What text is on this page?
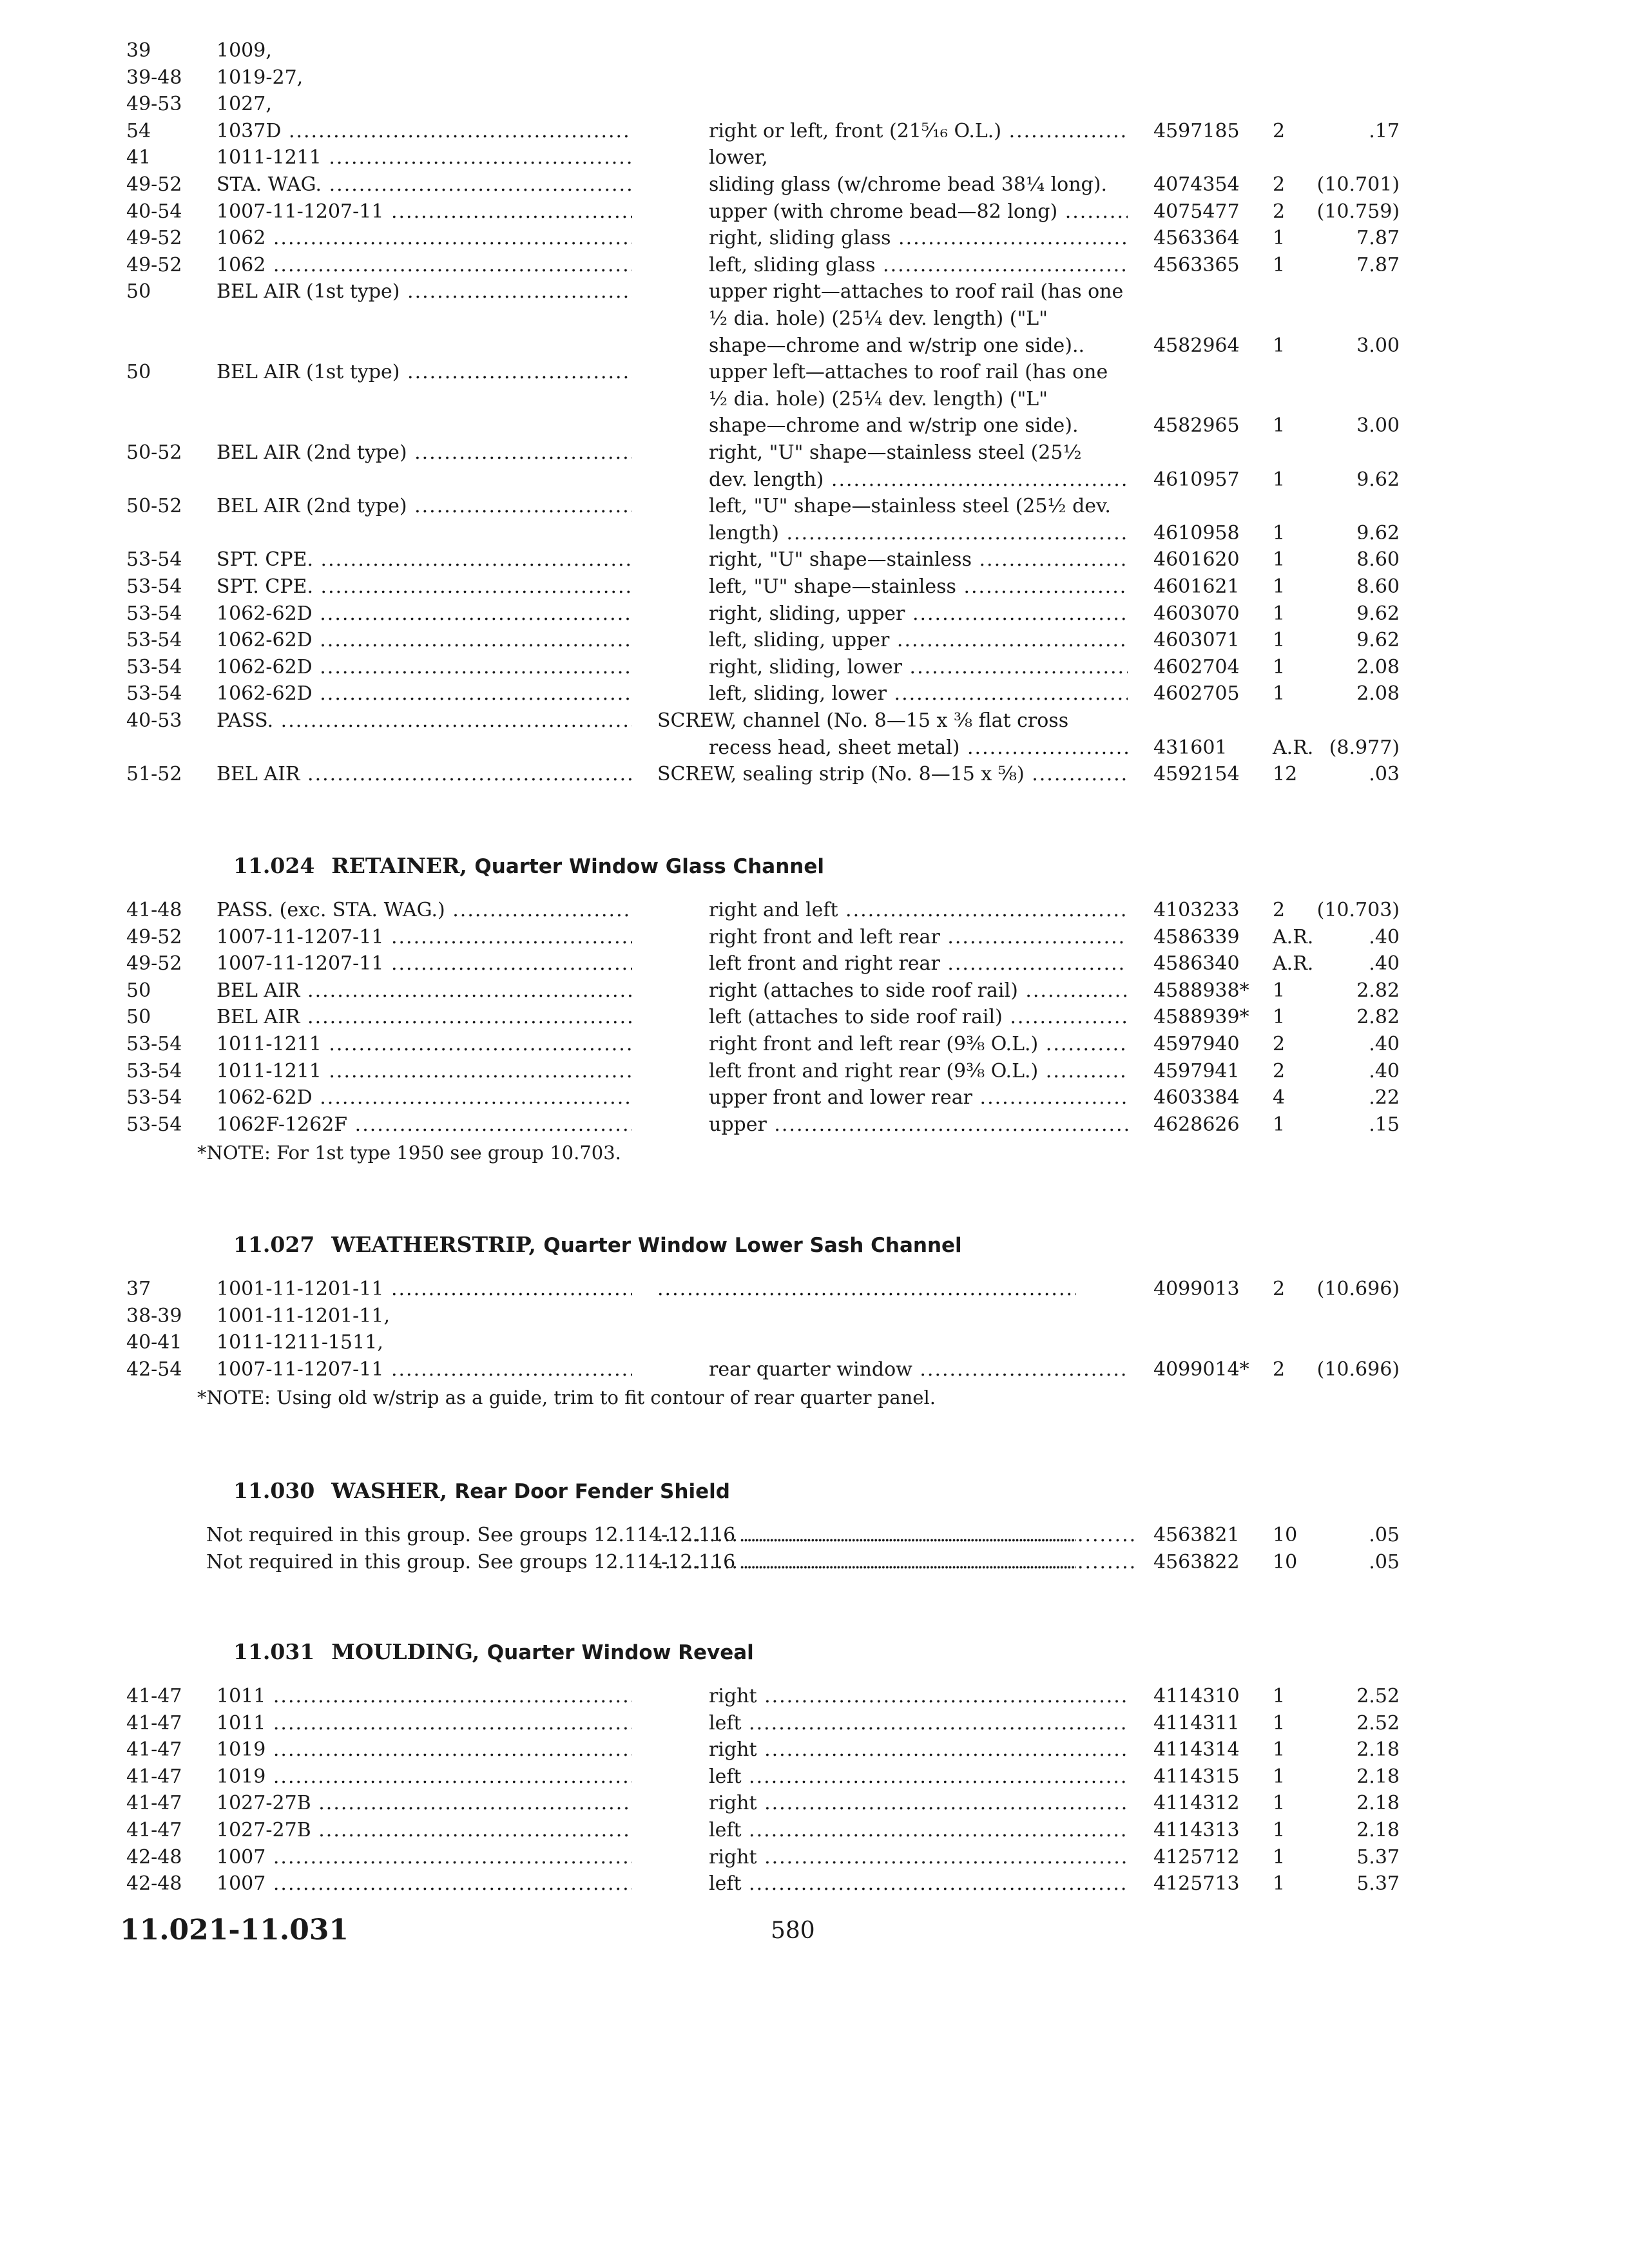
39	1009,
39-48 1019-27,
49-53 1027,
54	1037D .....	right or left, front (21⁵⁄₁₆ O.L.) .....	4597185 2	.17
41	1011-1211 .....	lower,
49-52 STA. WAG. .....	sliding glass (w/chrome bead 38¼ long).	4074354 2	(10.701)
40-54 1007-11-1207-11 .....	upper (with chrome bead—82 long) .....	4075477 2	(10.759)
49-52 1062 .....	right, sliding glass .....	4563364 1	7.87
49-52 1062 .....	left, sliding glass .....	4563365 1	7.87
50	BEL AIR (1st type) .....	upper right—attaches to roof rail (has one
½ dia. hole) (25¼ dev. length) ("L"
shape—chrome and w/strip one side)..	4582964 1	3.00
50	BEL AIR (1st type) .....	upper left—attaches to roof rail (has one
½ dia. hole) (25¼ dev. length) ("L"
shape—chrome and w/strip one side).	4582965 1	3.00
50-52 BEL AIR (2nd type) .....	right, "U" shape—stainless steel (25½
dev. length) .....	4610957 1	9.62
50-52 BEL AIR (2nd type) .....	left, "U" shape—stainless steel (25½ dev.
length) .....	4610958 1	9.62
53-54 SPT. CPE. .....	right, "U" shape—stainless .....	4601620 1	8.60
53-54 SPT. CPE. .....	left, "U" shape—stainless .....	4601621 1	8.60
53-54 1062-62D .....	right, sliding, upper .....	4603070 1	9.62
53-54 1062-62D .....	left, sliding, upper .....	4603071 1	9.62
53-54 1062-62D .....	right, sliding, lower .....	4602704 1	2.08
53-54 1062-62D .....	left, sliding, lower .....	4602705 1	2.08
40-53 PASS. .....	SCREW, channel (No. 8—15 x ⅜ flat cross
recess head, sheet metal) .....	431601 A.R. (8.977)
51-52 BEL AIR .....	SCREW, sealing strip (No. 8—15 x ⅝) .....	4592154 12	.03
11.024 RETAINER, Quarter Window Glass Channel
41-48 PASS. (exc. STA. WAG.) .....	right and left .....	4103233 2	(10.703)
49-52 1007-11-1207-11 .....	right front and left rear .....	4586339 A.R.	.40
49-52 1007-11-1207-11 .....	left front and right rear .....	4586340 A.R.	.40
50	BEL AIR .....	right (attaches to side roof rail) .....	4588938* 1	2.82
50	BEL AIR .....	left (attaches to side roof rail) .....	4588939* 1	2.82
53-54 1011-1211 .....	right front and left rear (9⅜ O.L.) .....	4597940 2	.40
53-54 1011-1211 .....	left front and right rear (9⅜ O.L.) .....	4597941 2	.40
53-54 1062-62D .....	upper front and lower rear .....	4603384 4	.22
53-54 1062F-1262F .....	upper .....	4628626 1	.15
*NOTE: For 1st type 1950 see group 10.703.
11.027 WEATHERSTRIP, Quarter Window Lower Sash Channel
37	1001-11-1201-11 ..... .....	4099013 2	(10.696)
38-39 1001-11-1201-11,
40-41 1011-1211-1511,
42-54 1007-11-1207-11 .....	rear quarter window .....	4099014* 2	(10.696)
*NOTE: Using old w/strip as a guide, trim to fit contour of rear quarter panel.
11.030 WASHER, Rear Door Fender Shield
Not required in this group. See groups 12.114-12.116 ..... .....	4563821 10	.05
Not required in this group. See groups 12.114-12.116 ..... .....	4563822 10	.05
11.031 MOULDING, Quarter Window Reveal
41-47 1011 .....	right .....	4114310 1	2.52
41-47 1011 .....	left .....	4114311 1	2.52
41-47 1019 .....	right .....	4114314 1	2.18
41-47 1019 .....	left .....	4114315 1	2.18
41-47 1027-27B .....	right .....	4114312 1	2.18
41-47 1027-27B .....	left .....	4114313 1	2.18
42-48 1007 .....	right .....	4125712 1	5.37
42-48 1007 .....	left .....	4125713 1	5.37
11.021-11.031	580
